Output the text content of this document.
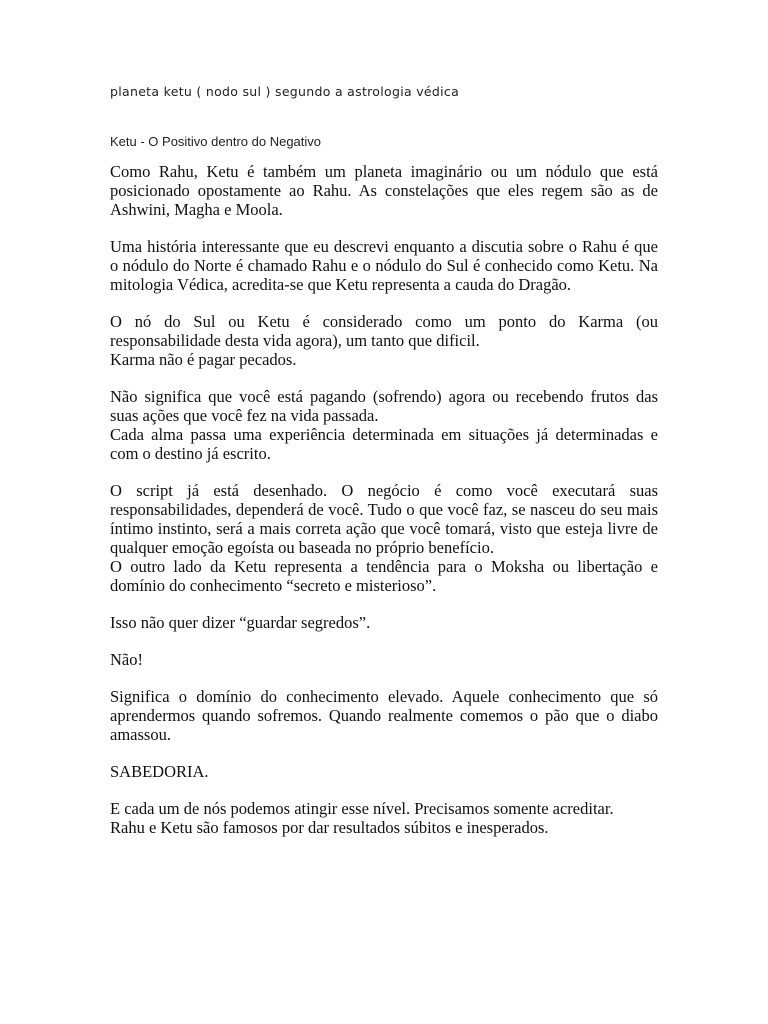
planeta ketu ( nodo sul ) segundo a astrologia védica
Ketu - O Positivo dentro do Negativo

Como Rahu, Ketu é também um planeta imaginário ou um nódulo que está posicionado opostamente ao Rahu. As constelações que eles regem são as de Ashwini, Magha e Moola.

Uma história interessante que eu descrevi enquanto a discutia sobre o Rahu é que o nódulo do Norte é chamado Rahu e o nódulo do Sul é conhecido como Ketu. Na mitologia Védica, acredita-se que Ketu representa a cauda do Dragão.

O nó do Sul ou Ketu é considerado como um ponto do Karma (ou responsabilidade desta vida agora), um tanto que dificil.
Karma não é pagar pecados.

Não significa que você está pagando (sofrendo) agora ou recebendo frutos das suas ações que você fez na vida passada.
Cada alma passa uma experiência determinada em situações já determinadas e com o destino já escrito.

O script já está desenhado. O negócio é como você executará suas responsabilidades, dependerá de você. Tudo o que você faz, se nasceu do seu mais íntimo instinto, será a mais correta ação que você tomará, visto que esteja livre de qualquer emoção egoísta ou baseada no próprio benefício.
O outro lado da Ketu representa a tendência para o Moksha ou libertação e domínio do conhecimento “secreto e misterioso”.

Isso não quer dizer “guardar segredos”.

Não!

Significa o domínio do conhecimento elevado. Aquele conhecimento que só aprendermos quando sofremos. Quando realmente comemos o pão que o diabo amassou.

SABEDORIA.

E cada um de nós podemos atingir esse nível. Precisamos somente acreditar.
Rahu e Ketu são famosos por dar resultados súbitos e inesperados.
